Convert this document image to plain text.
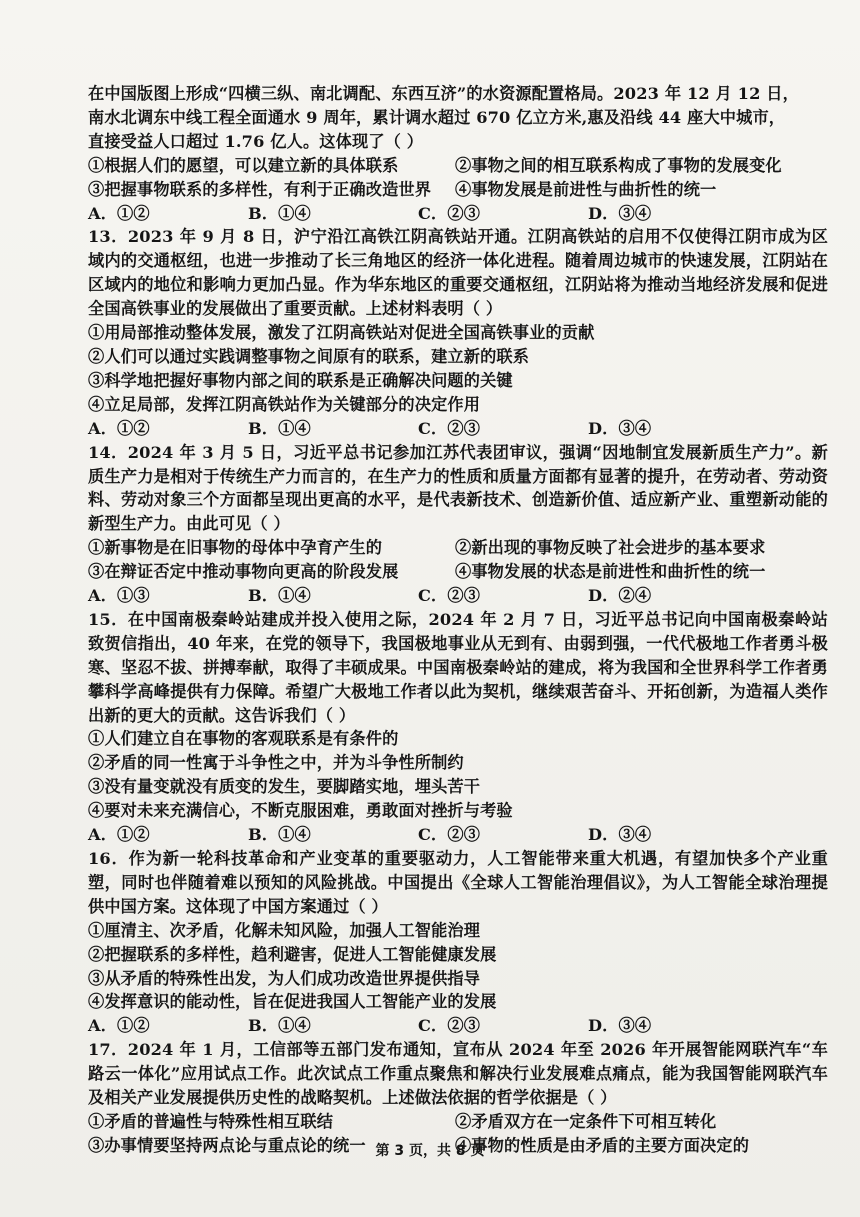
在中国版图上形成“四横三纵、南北调配、东西互济”的水资源配置格局。2023 年 12 月 12 日，

南水北调东中线工程全面通水 9 周年，累计调水超过 670 亿立方米,惠及沿线 44 座大中城市，

直接受益人口超过 1.76 亿人。这体现了（ ）

①根据人们的愿望，可以建立新的具体联系	②事物之间的相互联系构成了事物的发展变化
③把握事物联系的多样性，有利于正确改造世界	④事物发展是前进性与曲折性的统一
A．①②	B．①④	C．②③	D．③④

13．2023 年 9 月 8 日，沪宁沿江高铁江阴高铁站开通。江阴高铁站的启用不仅使得江阴市成为区域内的交通枢纽，也进一步推动了长三角地区的经济一体化进程。随着周边城市的快速发展，江阴站在区域内的地位和影响力更加凸显。作为华东地区的重要交通枢纽，江阴站将为推动当地经济发展和促进全国高铁事业的发展做出了重要贡献。上述材料表明（ ）

①用局部推动整体发展，激发了江阴高铁站对促进全国高铁事业的贡献

②人们可以通过实践调整事物之间原有的联系，建立新的联系

③科学地把握好事物内部之间的联系是正确解决问题的关键

④立足局部，发挥江阴高铁站作为关键部分的决定作用

A．①②	B．①④	C．②③	D．③④

14．2024 年 3 月 5 日，习近平总书记参加江苏代表团审议，强调“因地制宜发展新质生产力”。新质生产力是相对于传统生产力而言的，在生产力的性质和质量方面都有显著的提升，在劳动者、劳动资料、劳动对象三个方面都呈现出更高的水平，是代表新技术、创造新价值、适应新产业、重塑新动能的新型生产力。由此可见（ ）

①新事物是在旧事物的母体中孕育产生的	②新出现的事物反映了社会进步的基本要求
③在辩证否定中推动事物向更高的阶段发展	④事物发展的状态是前进性和曲折性的统一
A．①③	B．①④	C．②③	D．②④

15．在中国南极秦岭站建成并投入使用之际，2024 年 2 月 7 日，习近平总书记向中国南极秦岭站致贺信指出，40 年来，在党的领导下，我国极地事业从无到有、由弱到强，一代代极地工作者勇斗极寒、坚忍不拔、拼搏奉献，取得了丰硕成果。中国南极秦岭站的建成，将为我国和全世界科学工作者勇攀科学高峰提供有力保障。希望广大极地工作者以此为契机，继续艰苦奋斗、开拓创新，为造福人类作出新的更大的贡献。这告诉我们（ ）

①人们建立自在事物的客观联系是有条件的

②矛盾的同一性寓于斗争性之中，并为斗争性所制约

③没有量变就没有质变的发生，要脚踏实地，埋头苦干

④要对未来充满信心，不断克服困难，勇敢面对挫折与考验

A．①②	B．①④	C．②③	D．③④

16．作为新一轮科技革命和产业变革的重要驱动力，人工智能带来重大机遇，有望加快多个产业重塑，同时也伴随着难以预知的风险挑战。中国提出《全球人工智能治理倡议》，为人工智能全球治理提供中国方案。这体现了中国方案通过（ ）

①厘清主、次矛盾，化解未知风险，加强人工智能治理

②把握联系的多样性，趋利避害，促进人工智能健康发展

③从矛盾的特殊性出发，为人们成功改造世界提供指导

④发挥意识的能动性，旨在促进我国人工智能产业的发展

A．①②	B．①④	C．②③	D．③④

17．2024 年 1 月，工信部等五部门发布通知，宣布从 2024 年至 2026 年开展智能网联汽车“车路云一体化”应用试点工作。此次试点工作重点聚焦和解决行业发展难点痛点，能为我国智能网联汽车及相关产业发展提供历史性的战略契机。上述做法依据的哲学依据是（ ）

①矛盾的普遍性与特殊性相互联结	②矛盾双方在一定条件下可相互转化
③办事情要坚持两点论与重点论的统一	④事物的性质是由矛盾的主要方面决定的
第 3 页，共 8 页
